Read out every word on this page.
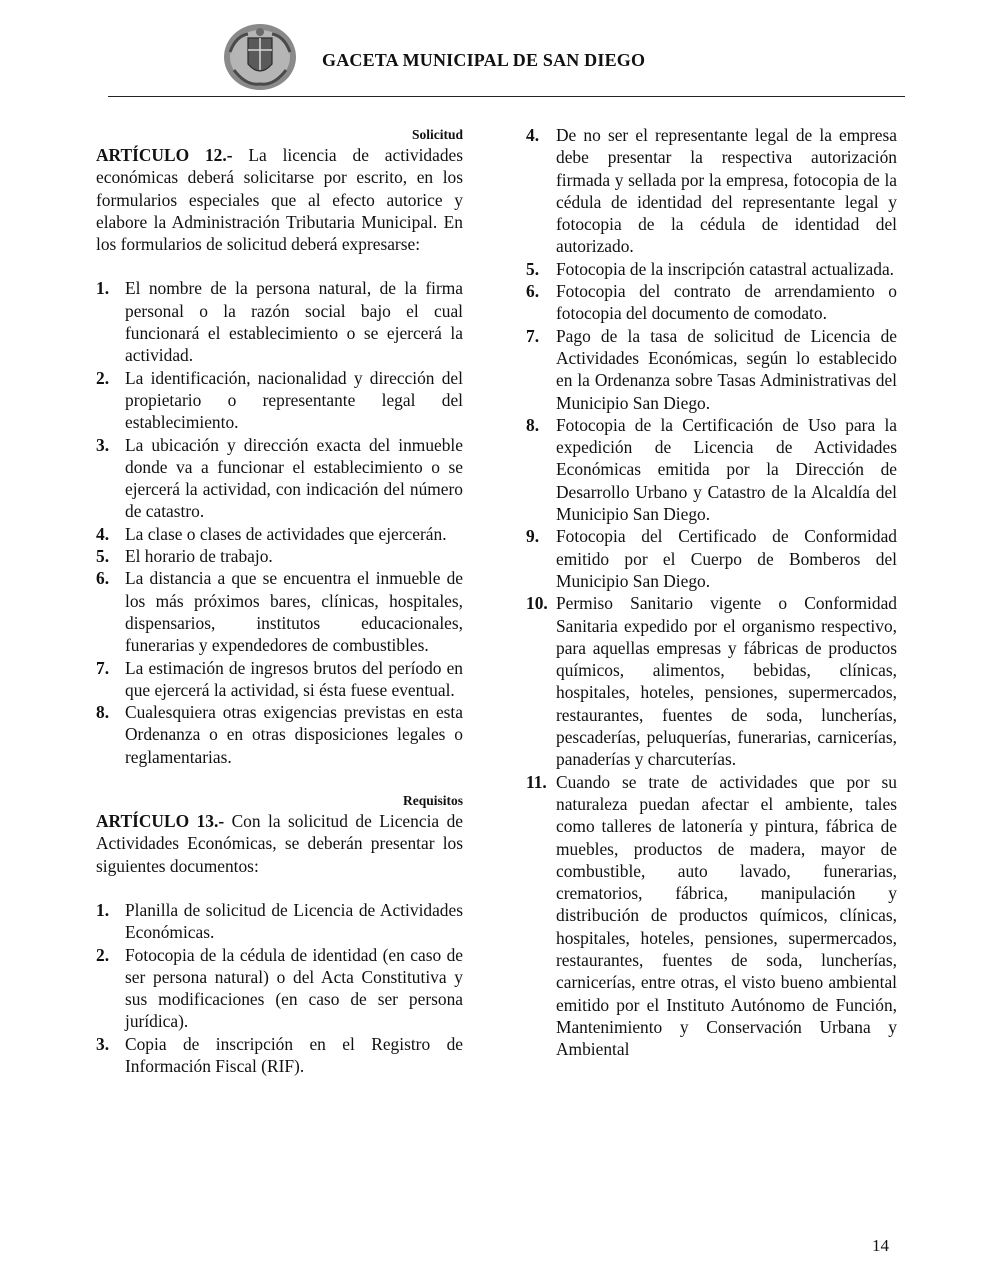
GACETA MUNICIPAL DE SAN DIEGO
Solicitud

ARTÍCULO 12.- La licencia de actividades económicas deberá solicitarse por escrito, en los formularios especiales que al efecto autorice y elabore la Administración Tributaria Municipal. En los formularios de solicitud deberá expresarse:

1. El nombre de la persona natural, de la firma personal o la razón social bajo el cual funcionará el establecimiento o se ejercerá la actividad.
2. La identificación, nacionalidad y dirección del propietario o representante legal del establecimiento.
3. La ubicación y dirección exacta del inmueble donde va a funcionar el establecimiento o se ejercerá la actividad, con indicación del número de catastro.
4. La clase o clases de actividades que ejercerán.
5. El horario de trabajo.
6. La distancia a que se encuentra el inmueble de los más próximos bares, clínicas, hospitales, dispensarios, institutos educacionales, funerarias y expendedores de combustibles.
7. La estimación de ingresos brutos del período en que ejercerá la actividad, si ésta fuese eventual.
8. Cualesquiera otras exigencias previstas en esta Ordenanza o en otras disposiciones legales o reglamentarias.
Requisitos

ARTÍCULO 13.- Con la solicitud de Licencia de Actividades Económicas, se deberán presentar los siguientes documentos:

1. Planilla de solicitud de Licencia de Actividades Económicas.
2. Fotocopia de la cédula de identidad (en caso de ser persona natural) o del Acta Constitutiva y sus modificaciones (en caso de ser persona jurídica).
3. Copia de inscripción en el Registro de Información Fiscal (RIF).
4. De no ser el representante legal de la empresa debe presentar la respectiva autorización firmada y sellada por la empresa, fotocopia de la cédula de identidad del representante legal y fotocopia de la cédula de identidad del autorizado.
5. Fotocopia de la inscripción catastral actualizada.
6. Fotocopia del contrato de arrendamiento o fotocopia del documento de comodato.
7. Pago de la tasa de solicitud de Licencia de Actividades Económicas, según lo establecido en la Ordenanza sobre Tasas Administrativas del Municipio San Diego.
8. Fotocopia de la Certificación de Uso para la expedición de Licencia de Actividades Económicas emitida por la Dirección de Desarrollo Urbano y Catastro de la Alcaldía del Municipio San Diego.
9. Fotocopia del Certificado de Conformidad emitido por el Cuerpo de Bomberos del Municipio San Diego.
10. Permiso Sanitario vigente o Conformidad Sanitaria expedido por el organismo respectivo, para aquellas empresas y fábricas de productos químicos, alimentos, bebidas, clínicas, hospitales, hoteles, pensiones, supermercados, restaurantes, fuentes de soda, luncherías, pescaderías, peluquerías, funerarias, carnicerías, panaderías y charcuterías.
11. Cuando se trate de actividades que por su naturaleza puedan afectar el ambiente, tales como talleres de latonería y pintura, fábrica de muebles, productos de madera, mayor de combustible, auto lavado, funerarias, crematorios, fábrica, manipulación y distribución de productos químicos, clínicas, hospitales, hoteles, pensiones, supermercados, restaurantes, fuentes de soda, luncherías, carnicerías, entre otras, el visto bueno ambiental emitido por el Instituto Autónomo de Función, Mantenimiento y Conservación Urbana y Ambiental
14
